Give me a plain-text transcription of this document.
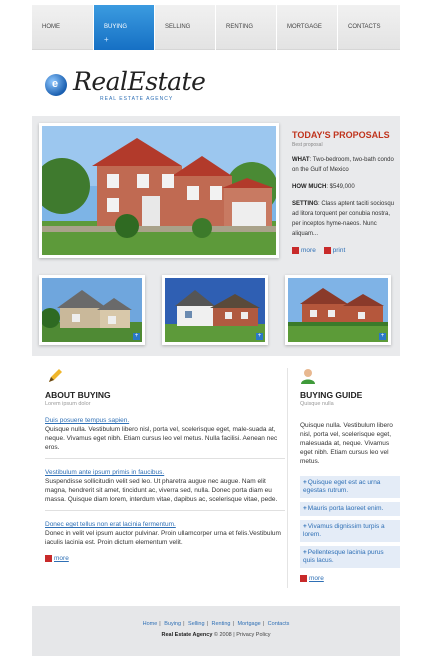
HOME	BUYING
+
SELLING	RENTING	MORTGAGE	CONTACTS
e RealEstate
REAL ESTATE AGENCY
TODAY'S PROPOSALS
Best proposal
WHAT: Two-bedroom, two-bath condo on the Gulf of Mexico
HOW MUCH: $549,000
SETTING: Class aptent taciti sociosqu ad litora torquent per conubia nostra, per inceptos hyme-naeos. Nunc aliquam...
more	print
+	+	+
ABOUT BUYING
Lorem ipsum dolor
Duis posuere tempus sapien.
Quisque nulla. Vestibulum libero nisl, porta vel, scelerisque eget, male-suada at, neque. Vivamus eget nibh. Etiam cursus leo vel metus. Nulla facilisi. Aenean nec eros.
Vestibulum ante ipsum primis in faucibus.
Suspendisse sollicitudin velit sed leo. Ut pharetra augue nec augue. Nam elit magna, hendrerit sit amet, tincidunt ac, viverra sed, nulla. Donec porta diam eu massa. Quisque diam lorem, interdum vitae, dapibus ac, scelerisque vitae, pede.
Donec eget tellus non erat lacinia fermentum.
Donec in velit vel ipsum auctor pulvinar. Proin ullamcorper urna et felis.Vestibulum iaculis lacinia est. Proin dictum elementum velit.
more
BUYING GUIDE
Quisque nulla
Quisque nulla. Vestibulum libero nisl, porta vel, scelerisque eget, malesuada at, neque. Vivamus eget nibh. Etiam cursus leo vel metus.
+Quisque eget est ac urna egestas rutrum.
+Mauris porta laoreet enim.
+Vivamus dignissim turpis a lorem.
+Pellentesque lacinia purus quis lacus.
more
Home | Buying | Selling | Renting | Mortgage | Contacts
Real Estate Agency © 2008 | Privacy Policy
